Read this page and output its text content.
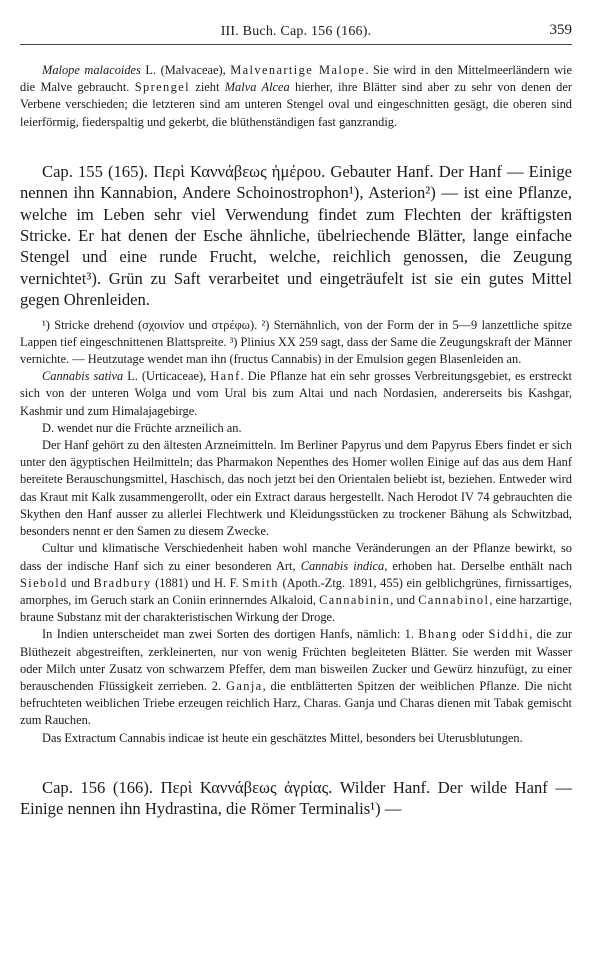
III. Buch. Cap. 156 (166).	359

Malope malacoides L. (Malvaceae), Malvenartige Malope. Sie wird in den Mittelmeerländern wie die Malve gebraucht. Sprengel zieht Malva Alcea hierher, ihre Blätter sind aber zu sehr von denen der Verbene verschieden; die letzteren sind am unteren Stengel oval und eingeschnitten gesägt, die oberen sind leierförmig, fiederspaltig und gekerbt, die blüthenständigen fast ganzrandig.

Cap. 155 (165). Περὶ Καννάβεως ἡμέρου. Gebauter Hanf. Der Hanf — Einige nennen ihn Kannabion, Andere Schoinostrophon¹), Asterion²) — ist eine Pflanze, welche im Leben sehr viel Verwendung findet zum Flechten der kräftigsten Stricke. Er hat denen der Esche ähnliche, übelriechende Blätter, lange einfache Stengel und eine runde Frucht, welche, reichlich genossen, die Zeugung vernichtet³). Grün zu Saft verarbeitet und eingeträufelt ist sie ein gutes Mittel gegen Ohrenleiden.

¹) Stricke drehend (σχοινίον und στρέφω). ²) Sternähnlich, von der Form der in 5—9 lanzettliche spitze Lappen tief eingeschnittenen Blattspreite. ³) Plinius XX 259 sagt, dass der Same die Zeugungskraft der Männer vernichte. — Heutzutage wendet man ihn (fructus Cannabis) in der Emulsion gegen Blasenleiden an.

Cannabis sativa L. (Urticaceae), Hanf. Die Pflanze hat ein sehr grosses Verbreitungsgebiet, es erstreckt sich von der unteren Wolga und vom Ural bis zum Altai und nach Nordasien, andererseits bis Kashgar, Kashmir und zum Himalajagebirge.

D. wendet nur die Früchte arzneilich an.

Der Hanf gehört zu den ältesten Arzneimitteln. Im Berliner Papyrus und dem Papyrus Ebers findet er sich unter den ägyptischen Heilmitteln; das Pharmakon Nepenthes des Homer wollen Einige auf das aus dem Hanf bereitete Berauschungsmittel, Haschisch, das noch jetzt bei den Orientalen beliebt ist, beziehen. Entweder wird das Kraut mit Kalk zusammengerollt, oder ein Extract daraus hergestellt. Nach Herodot IV 74 gebrauchten die Skythen den Hanf ausser zu allerlei Flechtwerk und Kleidungsstücken zu trockener Bähung als Schwitzbad, besonders nennt er den Samen zu diesem Zwecke.

Cultur und klimatische Verschiedenheit haben wohl manche Veränderungen an der Pflanze bewirkt, so dass der indische Hanf sich zu einer besonderen Art, Cannabis indica, erhoben hat. Derselbe enthält nach Siebold und Bradbury (1881) und H. F. Smith (Apoth.-Ztg. 1891, 455) ein gelblichgrünes, firnissartiges, amorphes, im Geruch stark an Coniin erinnerndes Alkaloid, Cannabinin, und Cannabinol, eine harzartige, braune Substanz mit der charakteristischen Wirkung der Droge.

In Indien unterscheidet man zwei Sorten des dortigen Hanfs, nämlich: 1. Bhang oder Siddhi, die zur Blüthezeit abgestreiften, zerkleinerten, nur von wenig Früchten begleiteten Blätter. Sie werden mit Wasser oder Milch unter Zusatz von schwarzem Pfeffer, dem man bisweilen Zucker und Gewürz hinzufügt, zu einer berauschenden Flüssigkeit zerrieben. 2. Ganja, die entblätterten Spitzen der weiblichen Pflanze. Die nicht befruchteten weiblichen Triebe erzeugen reichlich Harz, Charas. Ganja und Charas dienen mit Tabak gemischt zum Rauchen.

Das Extractum Cannabis indicae ist heute ein geschätztes Mittel, besonders bei Uterusblutungen.

Cap. 156 (166). Περὶ Καννάβεως ἀγρίας. Wilder Hanf. Der wilde Hanf — Einige nennen ihn Hydrastina, die Römer Terminalis¹) —
